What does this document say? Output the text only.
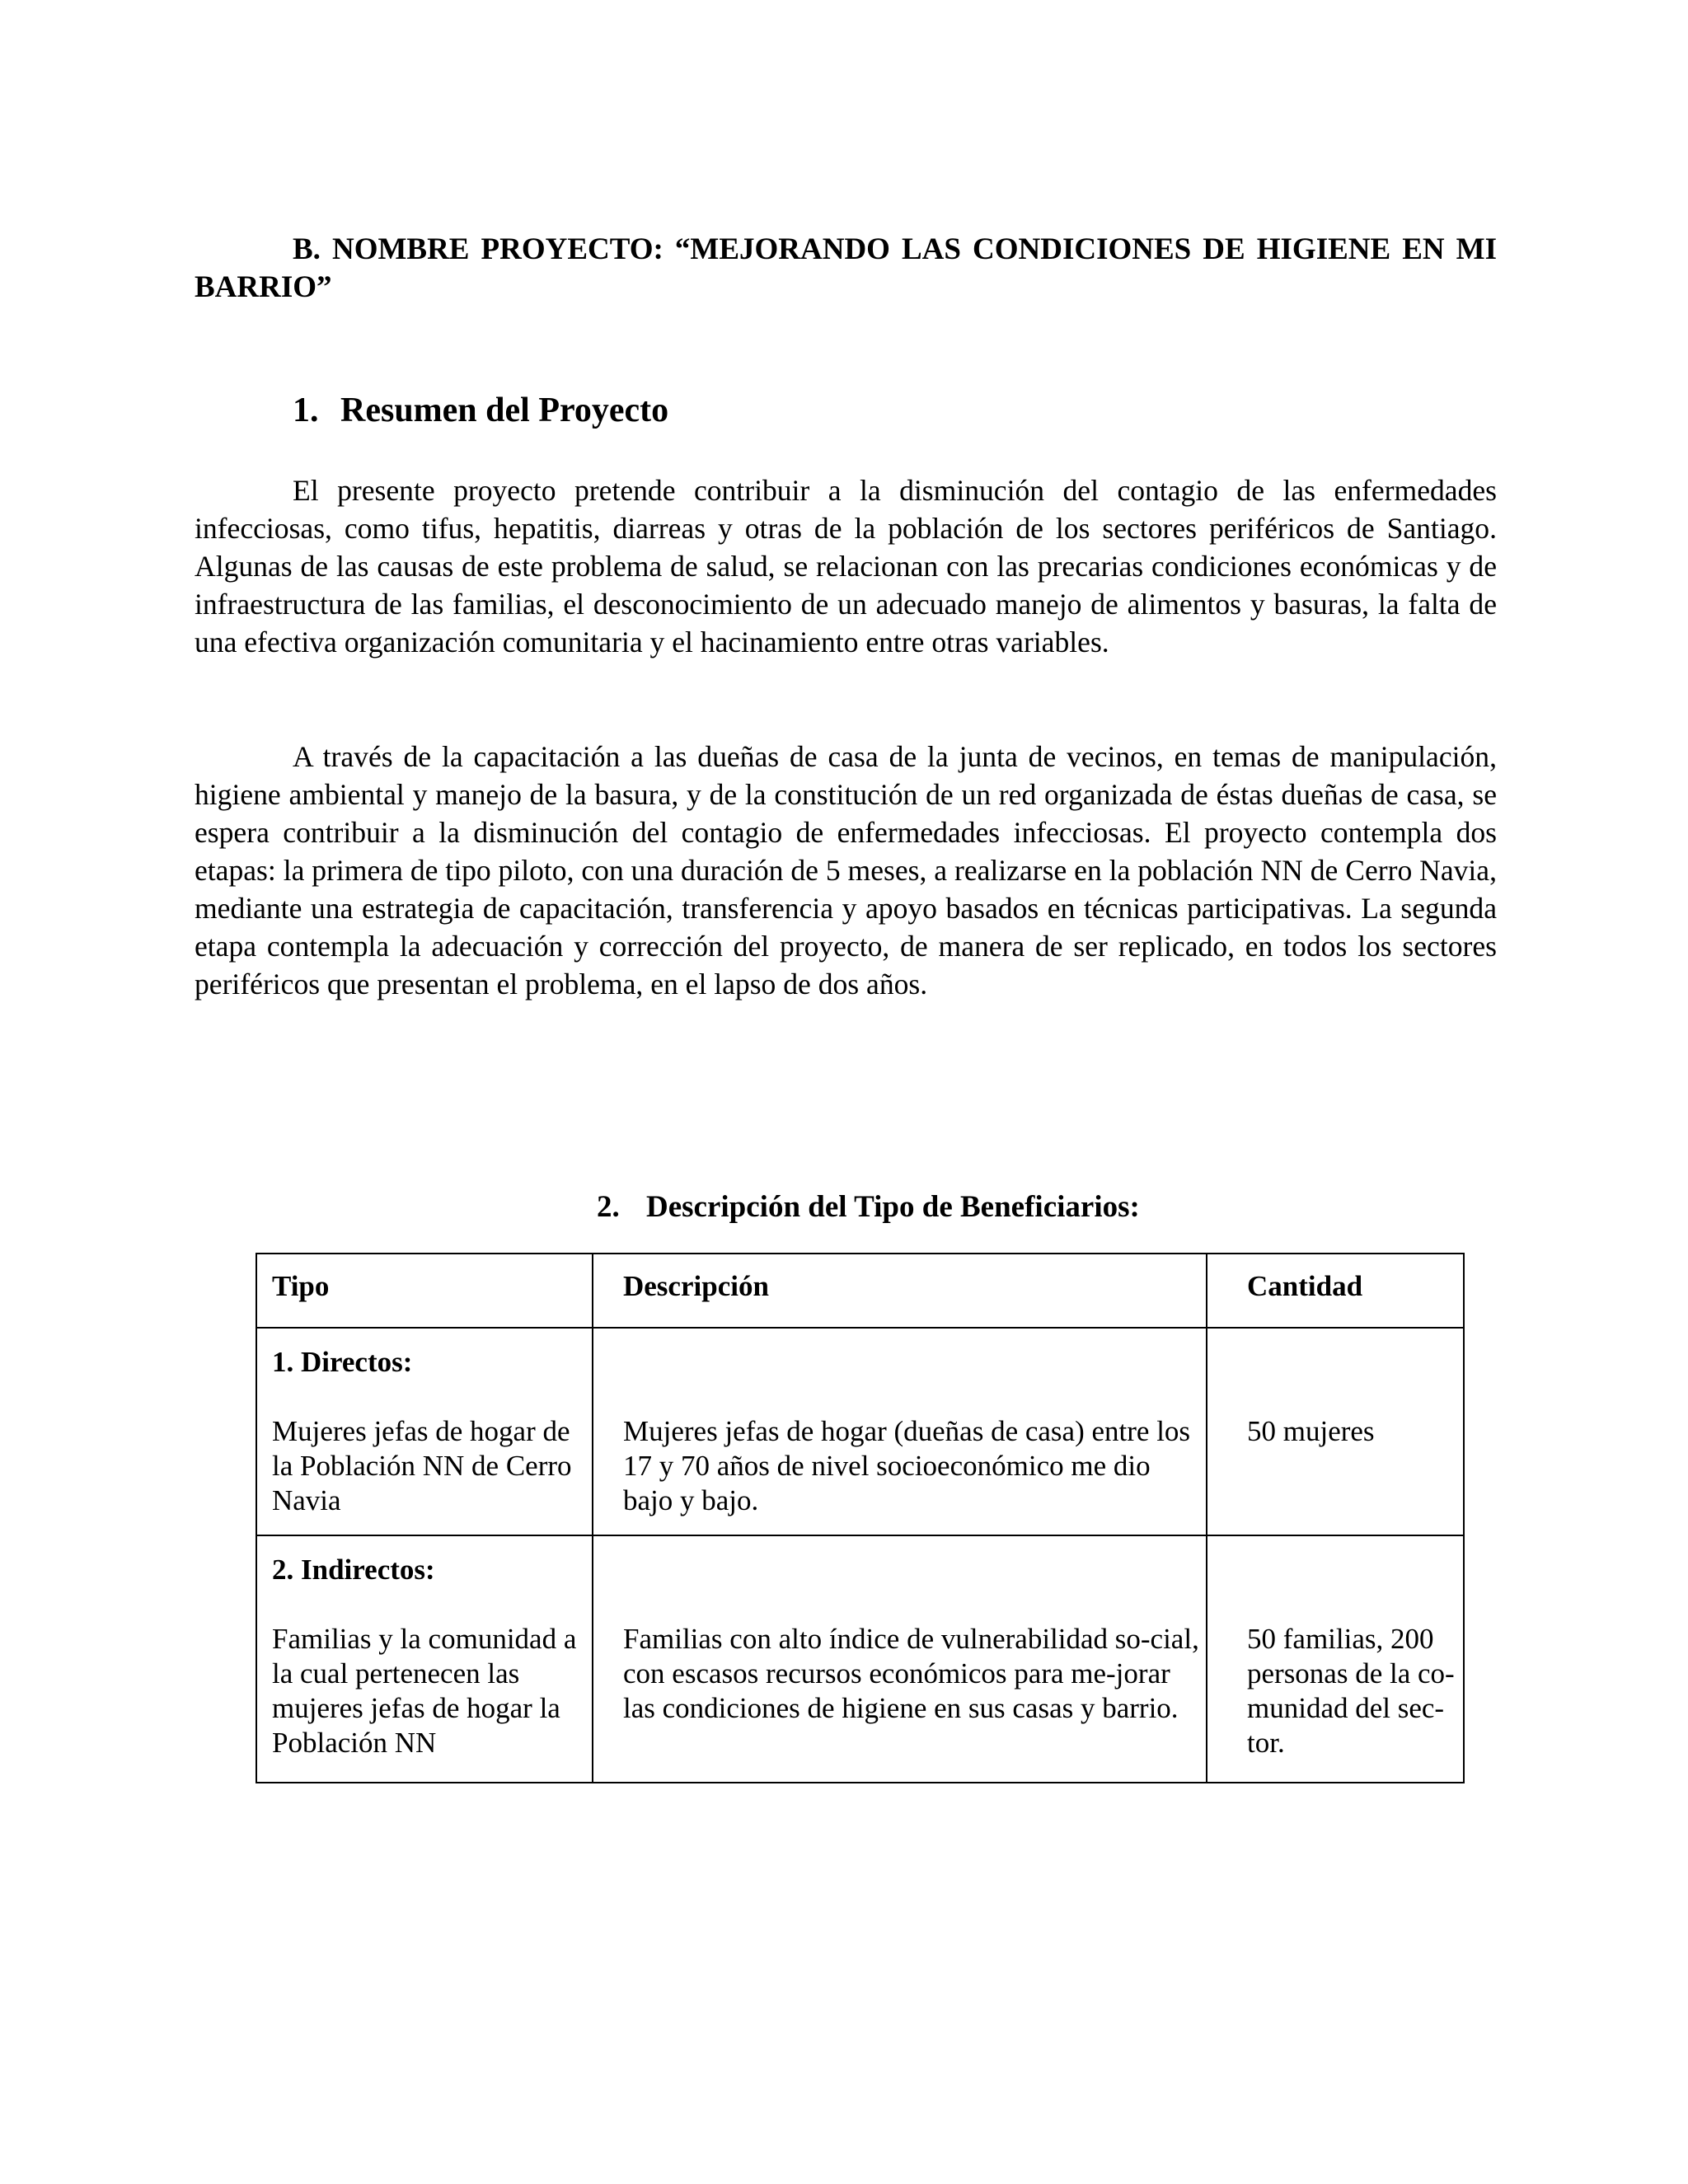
B. NOMBRE PROYECTO: “MEJORANDO LAS CONDICIONES DE HIGIENE EN MI BARRIO”
1. Resumen del Proyecto

El presente proyecto pretende contribuir a la disminución del contagio de las enfermedades infecciosas, como tifus, hepatitis, diarreas y otras de la población de los sectores periféricos de Santiago. Algunas de las causas de este problema de salud, se relacionan con las precarias condiciones económicas y de infraestructura de las familias, el desconocimiento de un adecuado manejo de alimentos y basuras, la falta de una efectiva organización comunitaria y el hacinamiento entre otras variables.

A través de la capacitación a las dueñas de casa de la junta de vecinos, en temas de manipulación, higiene ambiental y manejo de la basura, y de la constitución de un red organizada de éstas dueñas de casa, se espera contribuir a la disminución del contagio de enfermedades infecciosas. El proyecto contempla dos etapas: la primera de tipo piloto, con una duración de 5 meses, a realizarse en la población NN de Cerro Navia, mediante una estrategia de capacitación, transferencia y apoyo basados en técnicas participativas. La segunda etapa contempla la adecuación y corrección del proyecto, de manera de ser replicado, en todos los sectores periféricos que presentan el problema, en el lapso de dos años.

2. Descripción del Tipo de Beneficiarios:
Tipo	Descripción	Cantidad

1. Directos:
Mujeres jefas de hogar de la Población NN de Cerro Navia	Mujeres jefas de hogar (dueñas de casa) entre los 17 y 70 años de nivel socioeconómico me dio bajo y bajo.	50 mujeres

2. Indirectos:
Familias y la comunidad a la cual pertenecen las mujeres jefas de hogar la Población NN	Familias con alto índice de vulnerabilidad so-cial, con escasos recursos económicos para me-jorar las condiciones de higiene en sus casas y barrio.	50 familias, 200 personas de la co-munidad del sec-tor.
